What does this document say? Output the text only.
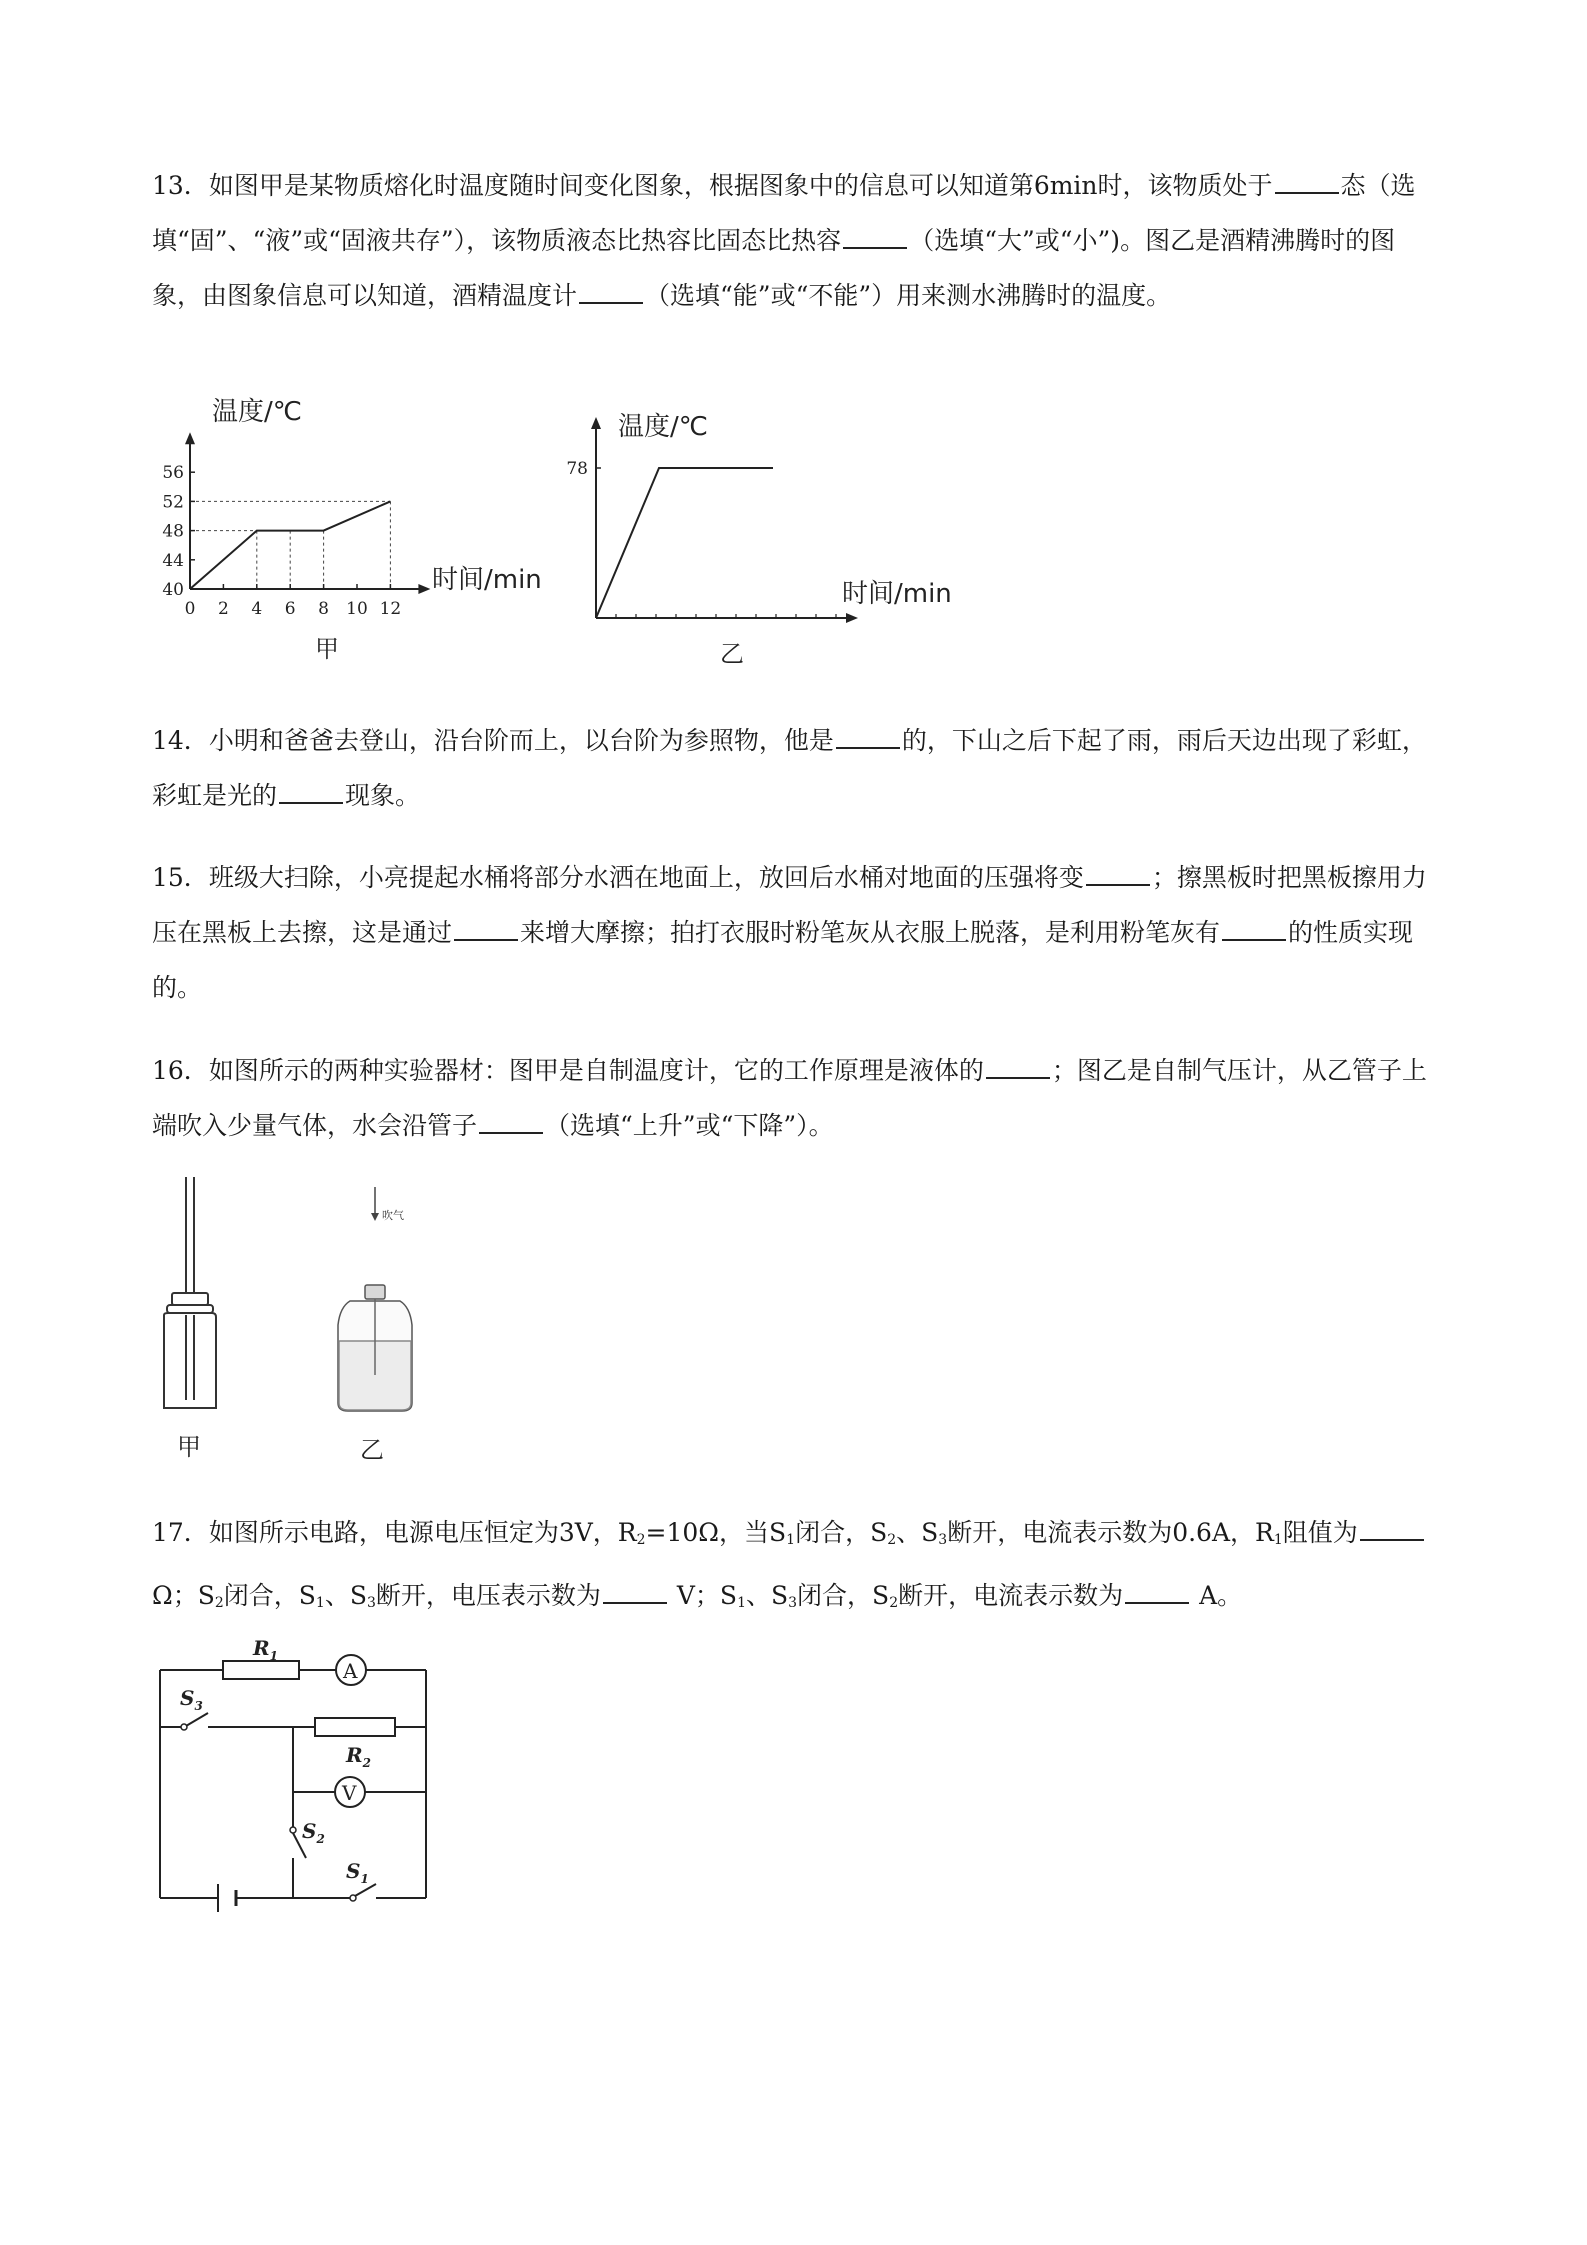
13．如图甲是某物质熔化时温度随时间变化图象，根据图象中的信息可以知道第6min时，该物质处于	态（选填“固”、“液”或“固液共存”），该物质液态比热容比固态比热容	（选填“大”或“小”)。图乙是酒精沸腾时的图象，由图象信息可以知道，酒精温度计	（选填“能”或“不能”）用来测水沸腾时的温度。
温度/℃
时间/min
甲
0 2 4 6 8 10 12
40
44
48
52
56
温度/℃
时间/min
乙
78
14．小明和爸爸去登山，沿台阶而上，以台阶为参照物，他是	的，下山之后下起了雨，雨后天边出现了彩虹，彩虹是光的	现象。
15．班级大扫除，小亮提起水桶将部分水洒在地面上，放回后水桶对地面的压强将变	；擦黑板时把黑板擦用力压在黑板上去擦，这是通过	来增大摩擦；拍打衣服时粉笔灰从衣服上脱落，是利用粉笔灰有	的性质实现的。
16．如图所示的两种实验器材：图甲是自制温度计，它的工作原理是液体的	；图乙是自制气压计，从乙管子上端吹入少量气体，水会沿管子	（选填“上升”或“下降”）。
甲
吹气
乙
17．如图所示电路，电源电压恒定为3V，$R_2=10\Omega$，当$S_1$闭合，$S_2$、$S_3$断开，电流表示数为0.6A，$R_1$阻值为Ω；$S_2$闭合，$S_1$、$S_3$断开，电压表示数为	V；$S_1$、$S_3$闭合，$S_2$断开，电流表示数为	A。
A
V
$R_1$
$S_3$
$R_2$
$S_2$
$S_1$
